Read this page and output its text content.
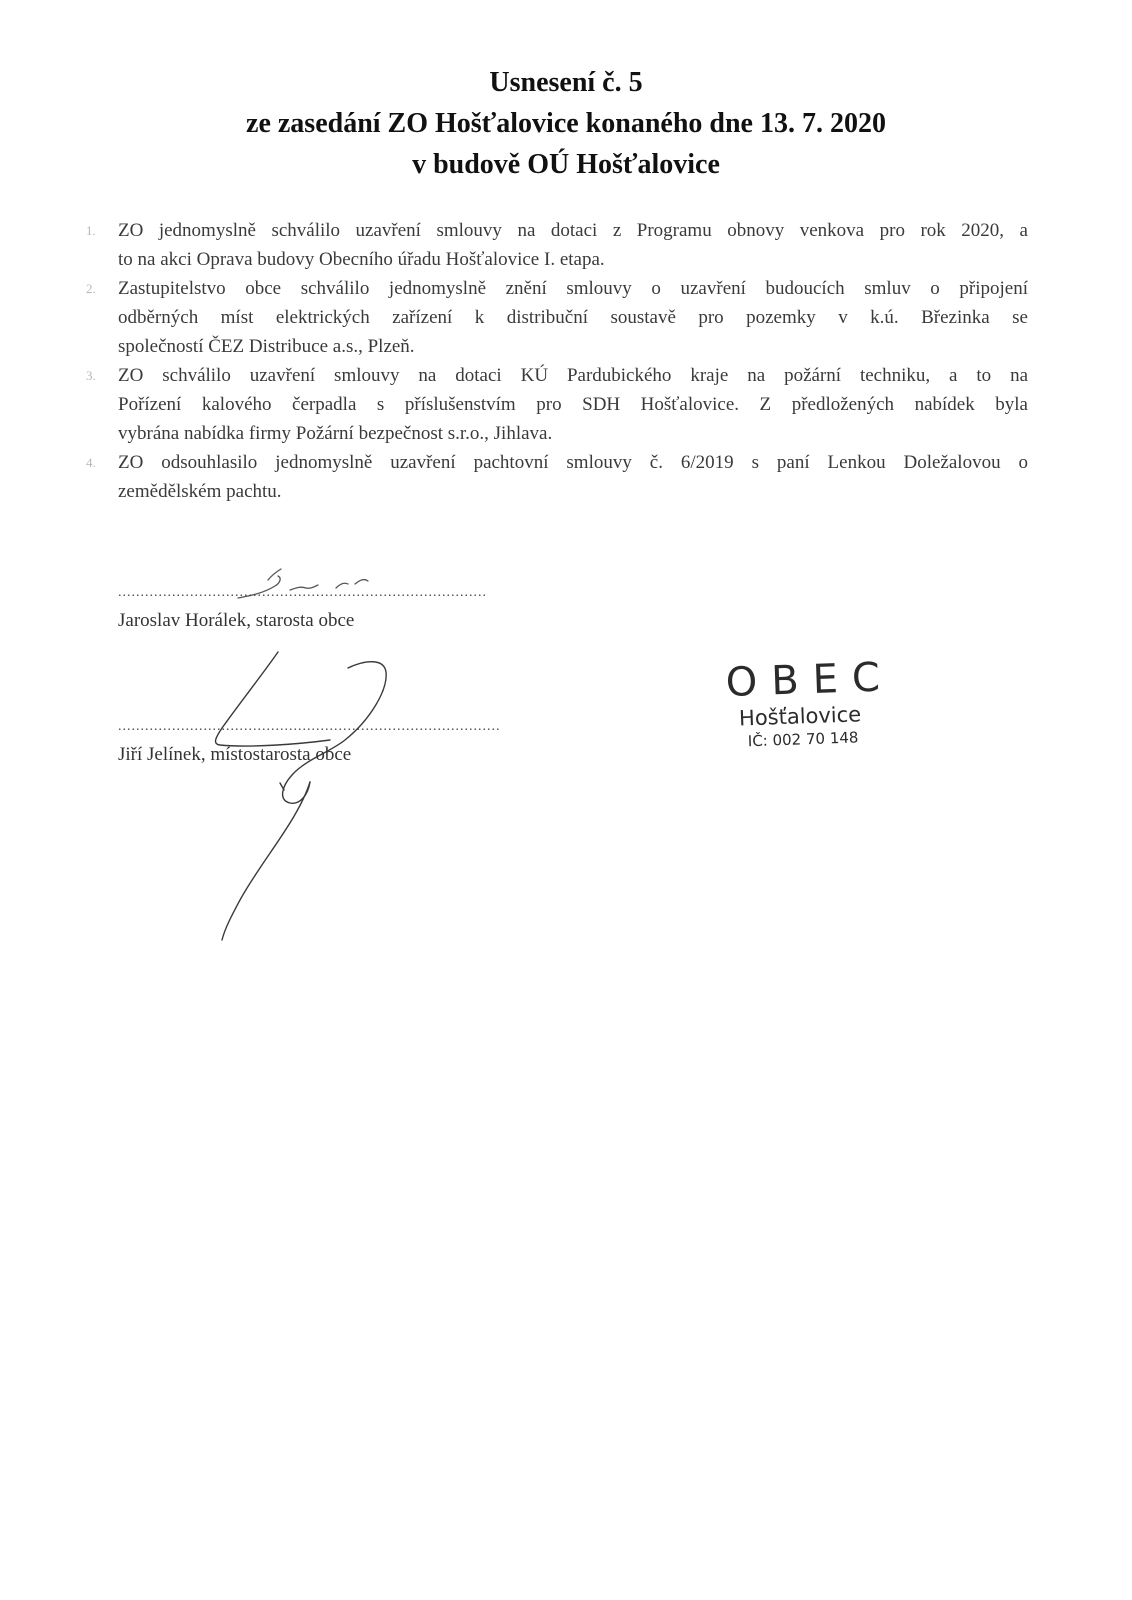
Usnesení č. 5
ze zasedání ZO Hošťalovice konaného dne 13. 7. 2020
v budově OÚ Hošťalovice
1. ZO jednomyslně schválilo uzavření smlouvy na dotaci z Programu obnovy venkova pro rok 2020, a
to na akci Oprava budovy Obecního úřadu Hošťalovice I. etapa.
2. Zastupitelstvo obce schválilo jednomyslně znění smlouvy o uzavření budoucích smluv o připojení
odběrných míst elektrických zařízení k distribuční soustavě pro pozemky v k.ú. Březinka se
společností ČEZ Distribuce a.s., Plzeň.
3. ZO schválilo uzavření smlouvy na dotaci KÚ Pardubického kraje na požární techniku, a to na
Pořízení kalového čerpadla s příslušenstvím pro SDH Hošťalovice. Z předložených nabídek byla
vybrána nabídka firmy Požární bezpečnost s.r.o., Jihlava.
4. ZO odsouhlasilo jednomyslně uzavření pachtovní smlouvy č. 6/2019 s paní Lenkou Doležalovou o
zemědělském pachtu.
..................................................................................
Jaroslav Horálek, starosta obce
.....................................................................................
Jiří Jelínek, místostarosta obce
OBEC
Hošťalovice
IČ: 002 70 148
